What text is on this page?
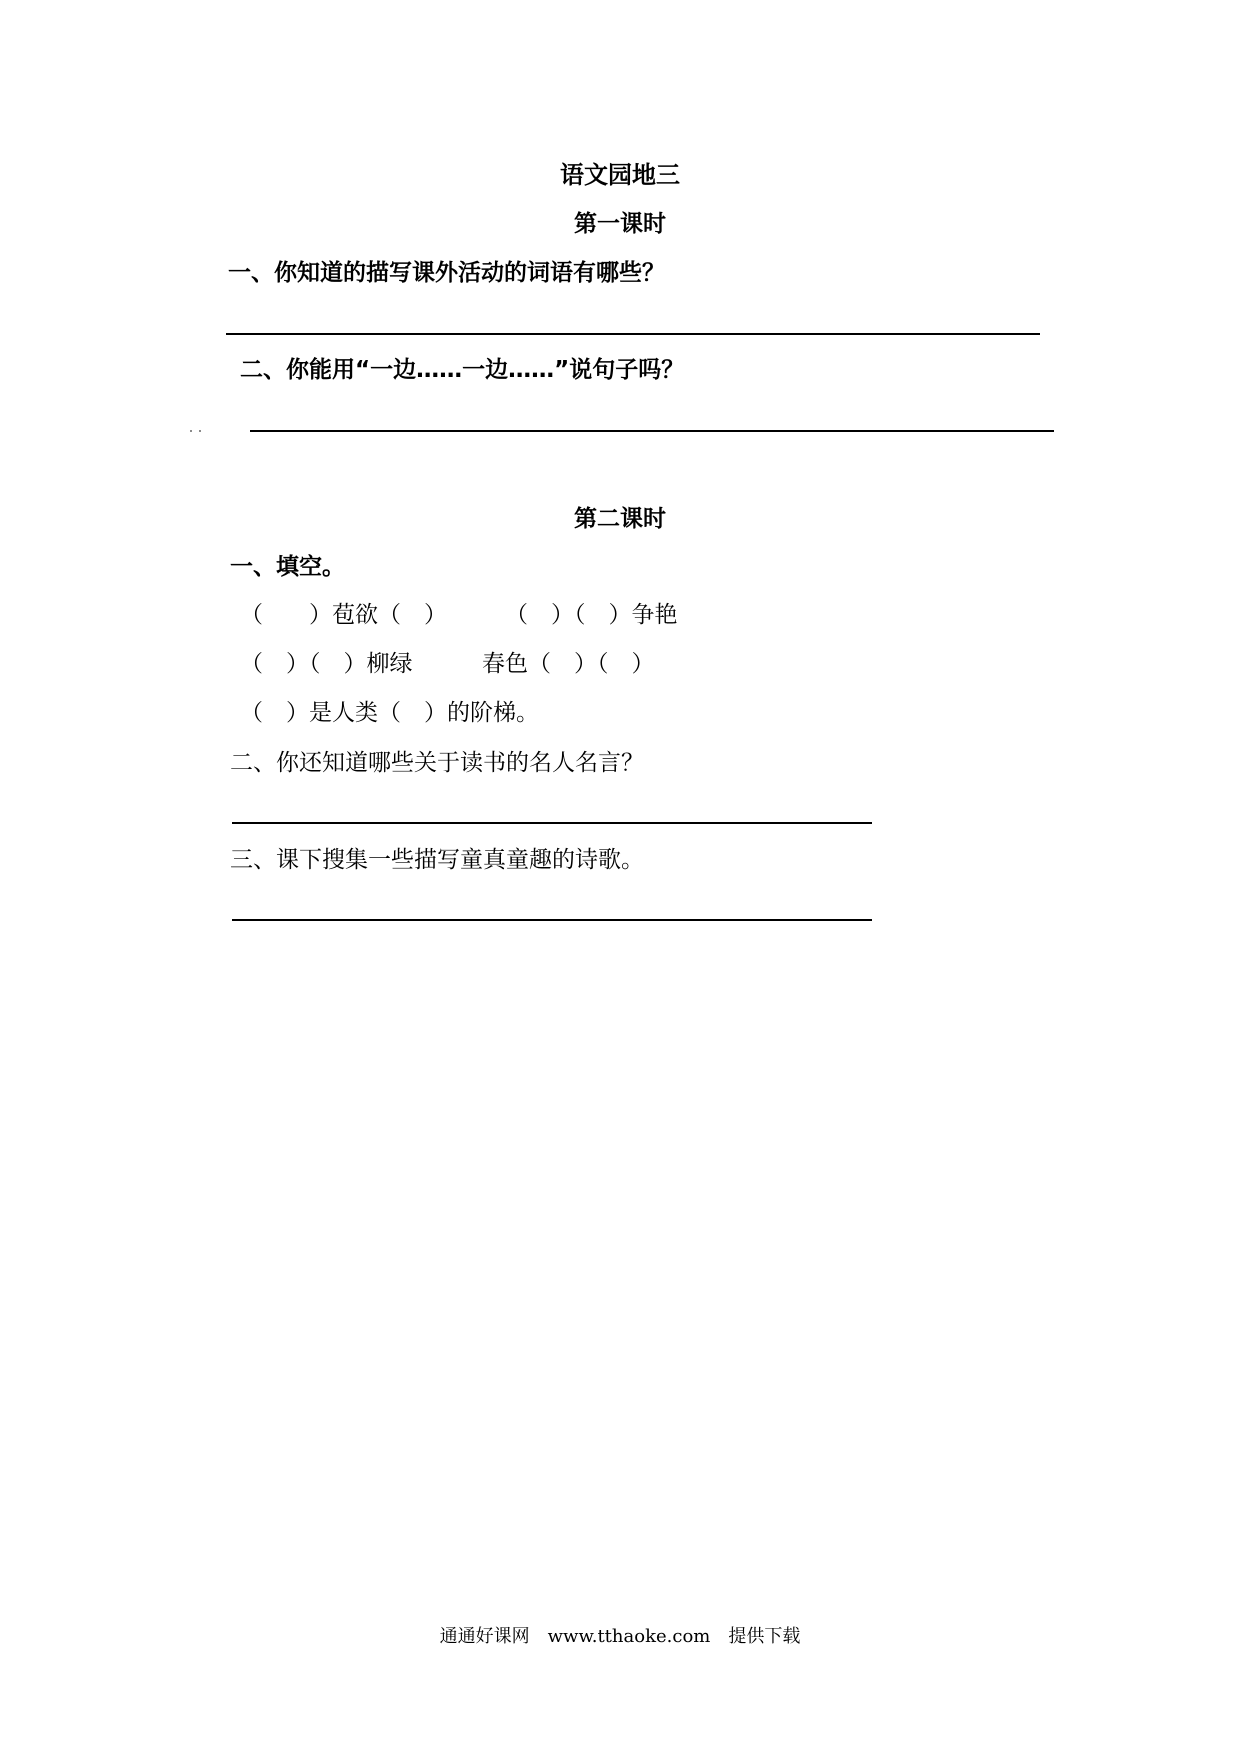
语文园地三
第一课时
一、你知道的描写课外活动的词语有哪些？
二、你能用“一边……一边……”说句子吗？
第二课时
一、填空。
（　　）苞欲（　）	（　）（　）争艳
（　）（　）柳绿	春色（　）（　）
（　）是人类（　）的阶梯。
二、你还知道哪些关于读书的名人名言？
三、课下搜集一些描写童真童趣的诗歌。
通通好课网　www.tthaoke.com　提供下载
